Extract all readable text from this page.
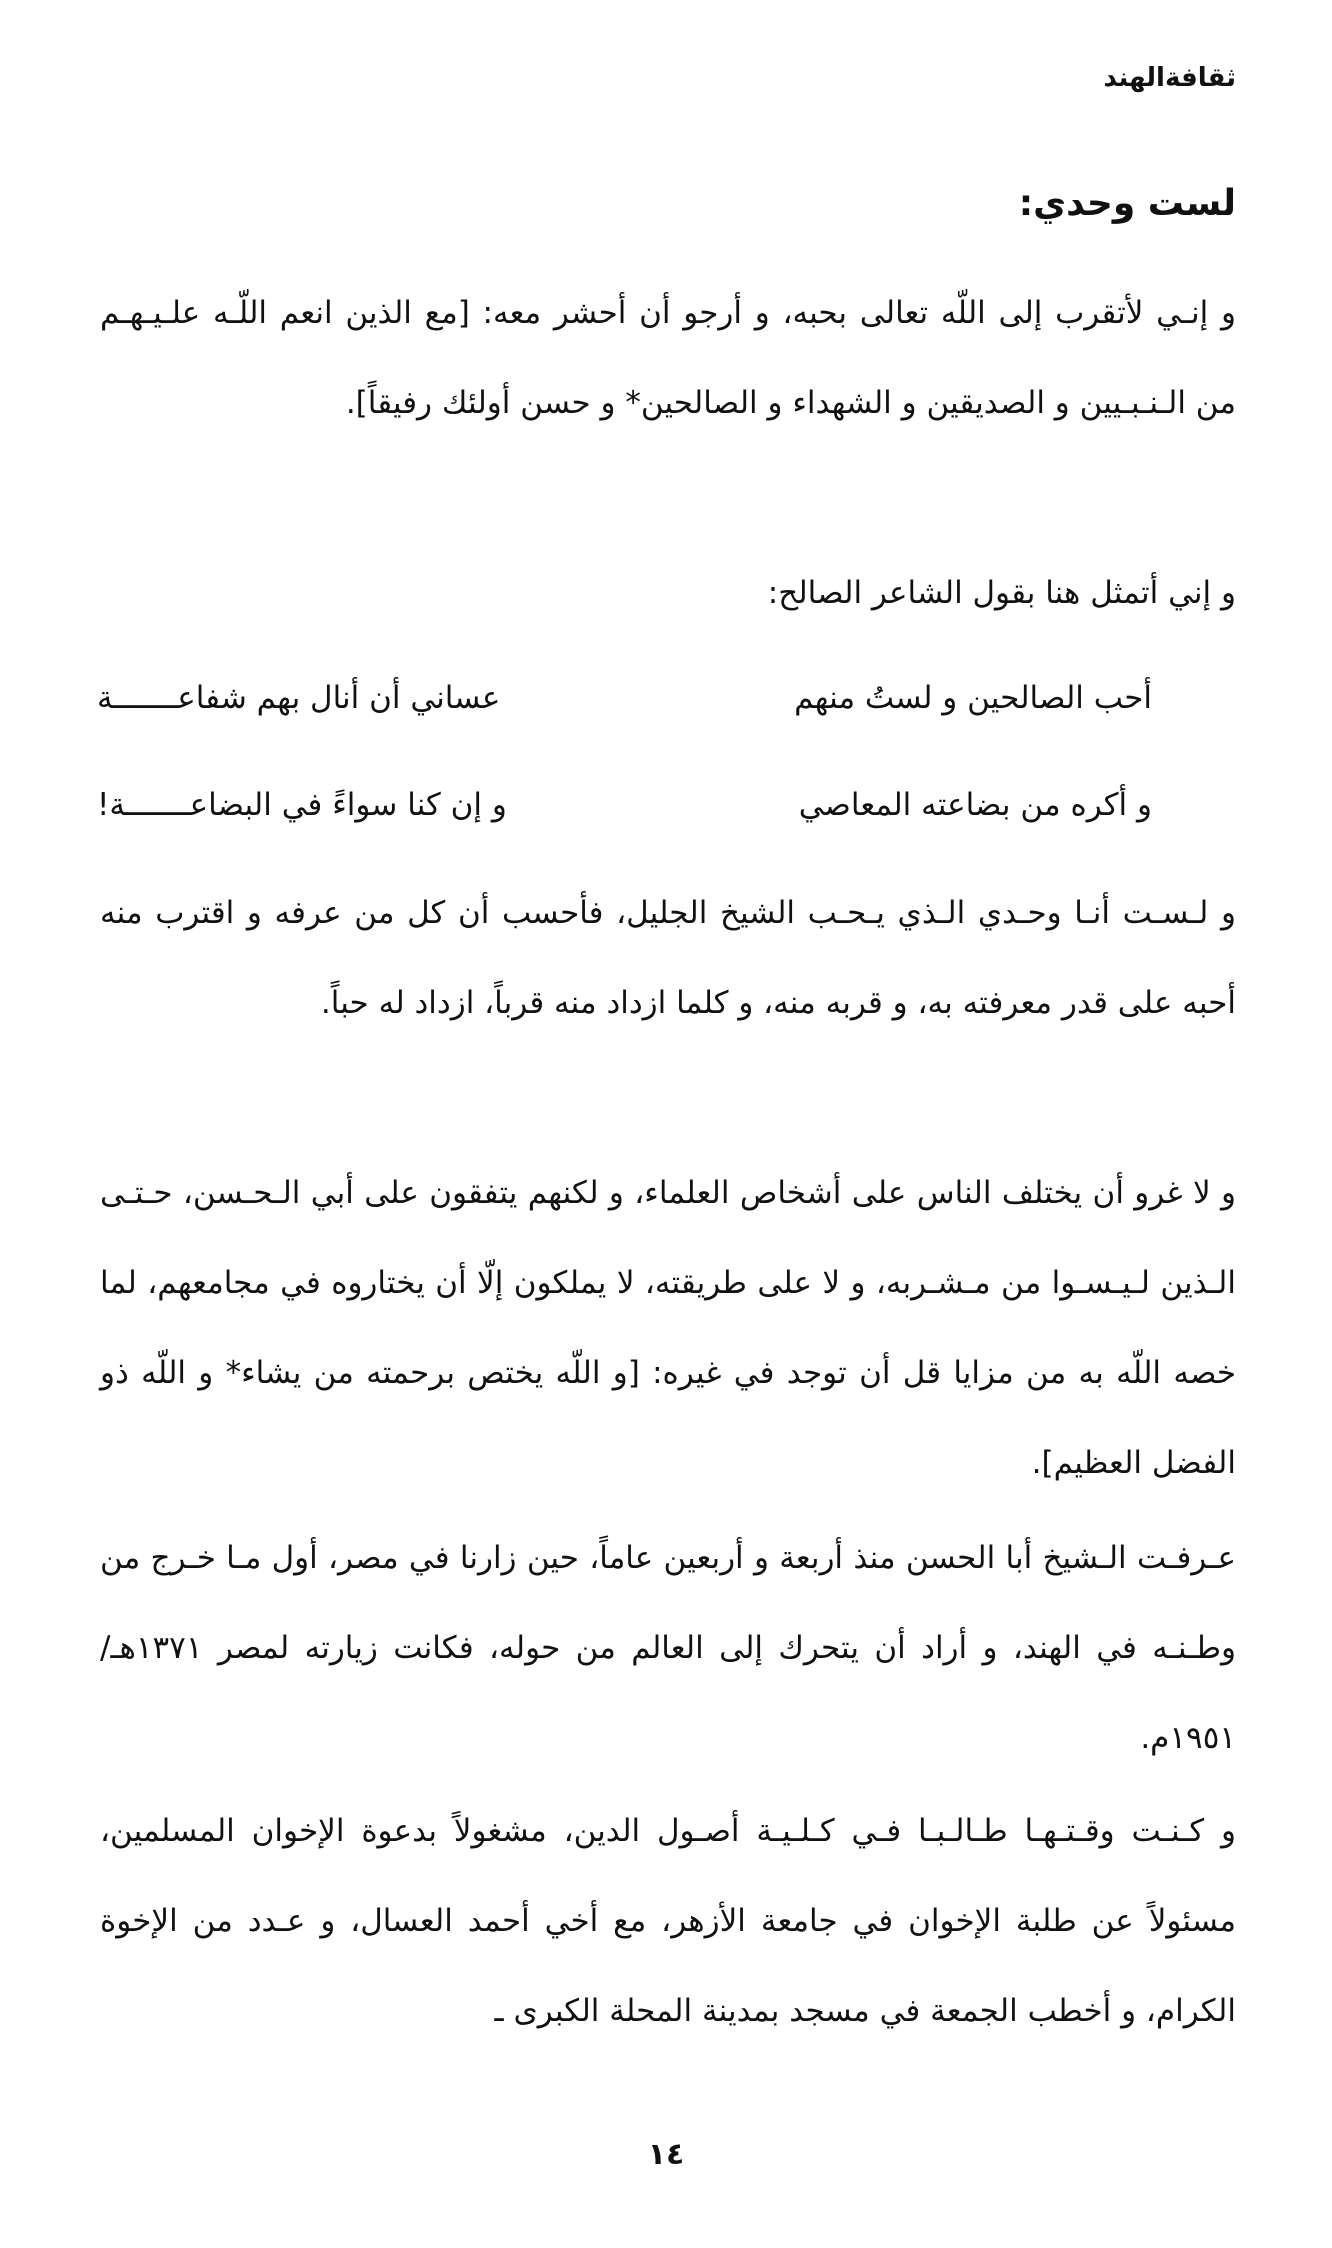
ثقافةالهند
لست وحدي:

و إنـي لأتقرب إلى اللّه تعالى بحبه، و أرجو أن أحشر معه: [مع الذين انعم اللّـه علـيـهـم من الـنـبـيين و الصديقين و الشهداء و الصالحين* و حسن أولئك رفيقاً].

و إني أتمثل هنا بقول الشاعر الصالح:

أحب الصالحين و لستُ منهم
عساني أن أنال بهم شفاعـــــــة
و أكره من بضاعته المعاصي
و إن كنا سواءً في البضاعـــــــة!

و لـسـت أنـا وحـدي الـذي يـحـب الشيخ الجليل، فأحسب أن كل من عرفه و اقترب منه أحبه على قدر معرفته به، و قربه منه، و كلما ازداد منه قرباً، ازداد له حباً.

و لا غرو أن يختلف الناس على أشخاص العلماء، و لكنهم يتفقون على أبي الـحـسن، حـتـى الـذين لـيـسـوا من مـشـربه، و لا على طريقته، لا يملكون إلّا أن يختاروه في مجامعهم، لما خصه اللّه به من مزايا قل أن توجد في غيره: [و اللّه يختص برحمته من يشاء* و اللّه ذو الفضل العظيم].

عـرفـت الـشيخ أبا الحسن منذ أربعة و أربعين عاماً، حين زارنا في مصر، أول مـا خـرج من وطـنـه في الهند، و أراد أن يتحرك إلى العالم من حوله، فكانت زيارته لمصر ١٣٧١هـ/١٩٥١م.

و كـنـت وقـتـهـا طـالـبـا فـي كـلـيـة أصـول الدين، مشغولاً بدعوة الإخوان المسلمين، مسئولاً عن طلبة الإخوان في جامعة الأزهر، مع أخي أحمد العسال، و عـدد من الإخوة الكرام، و أخطب الجمعة في مسجد بمدينة المحلة الكبرى ـ

١٤
